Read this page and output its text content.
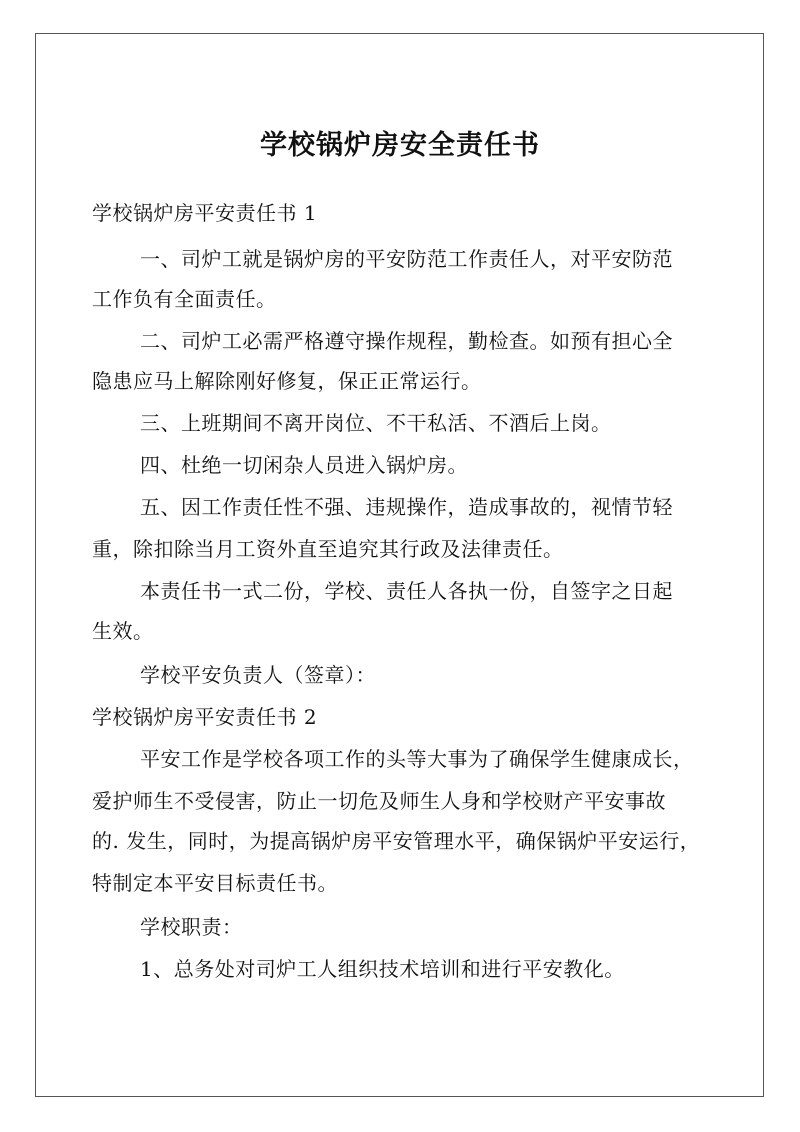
学校锅炉房安全责任书
学校锅炉房平安责任书 1
一、司炉工就是锅炉房的平安防范工作责任人，对平安防范
工作负有全面责任。
二、司炉工必需严格遵守操作规程，勤检查。如预有担心全
隐患应马上解除刚好修复，保正正常运行。
三、上班期间不离开岗位、不干私活、不酒后上岗。
四、杜绝一切闲杂人员进入锅炉房。
五、因工作责任性不强、违规操作，造成事故的，视情节轻
重，除扣除当月工资外直至追究其行政及法律责任。
本责任书一式二份，学校、责任人各执一份，自签字之日起
生效。
学校平安负责人（签章）：
学校锅炉房平安责任书 2
平安工作是学校各项工作的头等大事为了确保学生健康成长，
爱护师生不受侵害，防止一切危及师生人身和学校财产平安事故
的. 发生，同时，为提高锅炉房平安管理水平，确保锅炉平安运行，
特制定本平安目标责任书。
学校职责：
1、总务处对司炉工人组织技术培训和进行平安教化。
